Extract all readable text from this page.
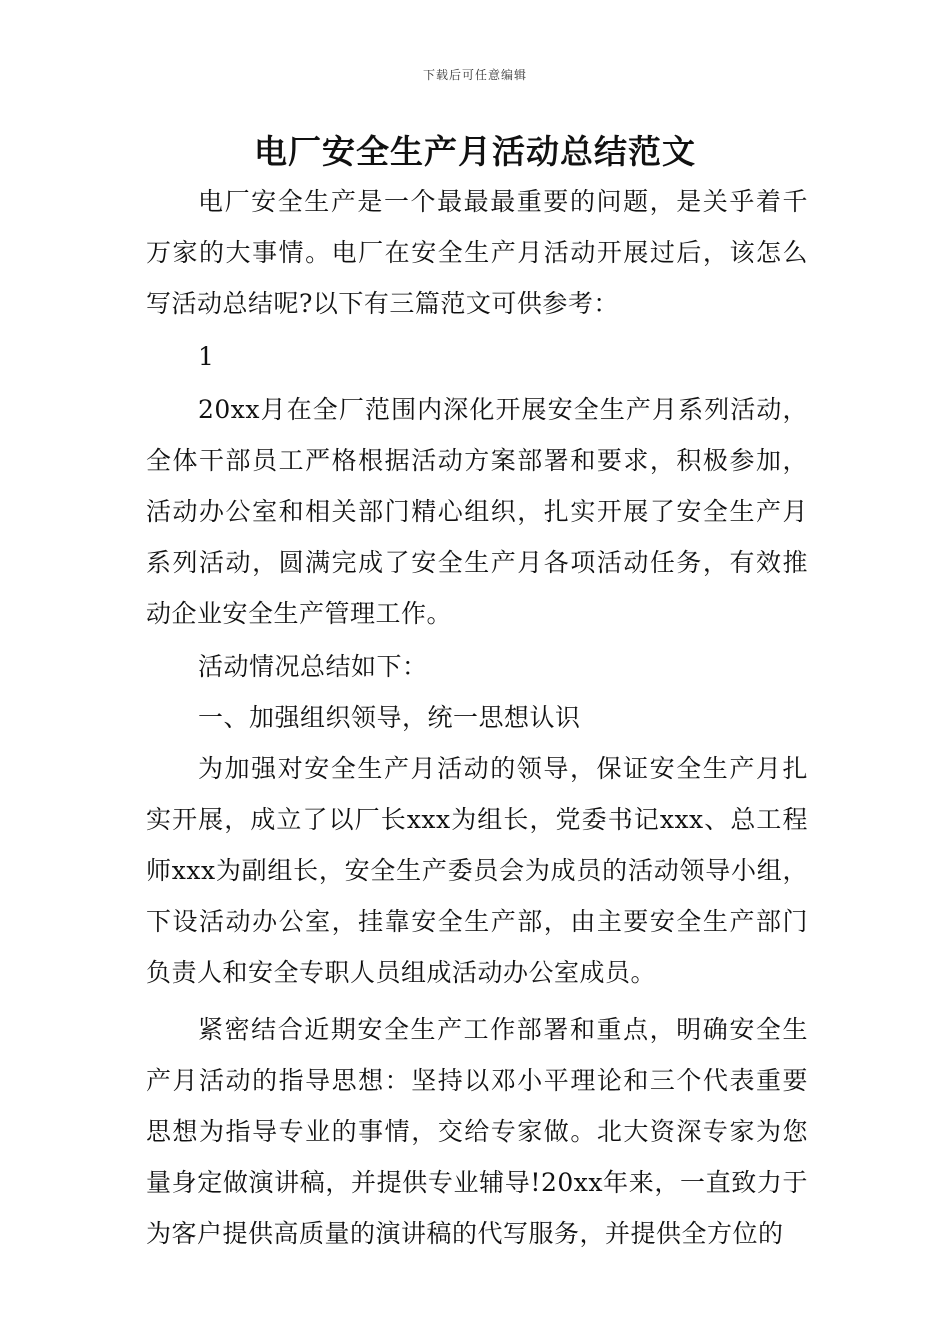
下载后可任意编辑
电厂安全生产月活动总结范文

电厂安全生产是一个最最最重要的问题，是关乎着千万家的大事情。电厂在安全生产月活动开展过后，该怎么写活动总结呢?以下有三篇范文可供参考：

1

20xx月在全厂范围内深化开展安全生产月系列活动，全体干部员工严格根据活动方案部署和要求，积极参加，活动办公室和相关部门精心组织，扎实开展了安全生产月系列活动，圆满完成了安全生产月各项活动任务，有效推动企业安全生产管理工作。

活动情况总结如下：

一、加强组织领导，统一思想认识

为加强对安全生产月活动的领导，保证安全生产月扎实开展，成立了以厂长xxx为组长，党委书记xxx、总工程师xxx为副组长，安全生产委员会为成员的活动领导小组，下设活动办公室，挂靠安全生产部，由主要安全生产部门负责人和安全专职人员组成活动办公室成员。

紧密结合近期安全生产工作部署和重点，明确安全生产月活动的指导思想：坚持以邓小平理论和三个代表重要思想为指导专业的事情，交给专家做。北大资深专家为您量身定做演讲稿，并提供专业辅导!20xx年来，一直致力于为客户提供高质量的演讲稿的代写服务，并提供全方位的
